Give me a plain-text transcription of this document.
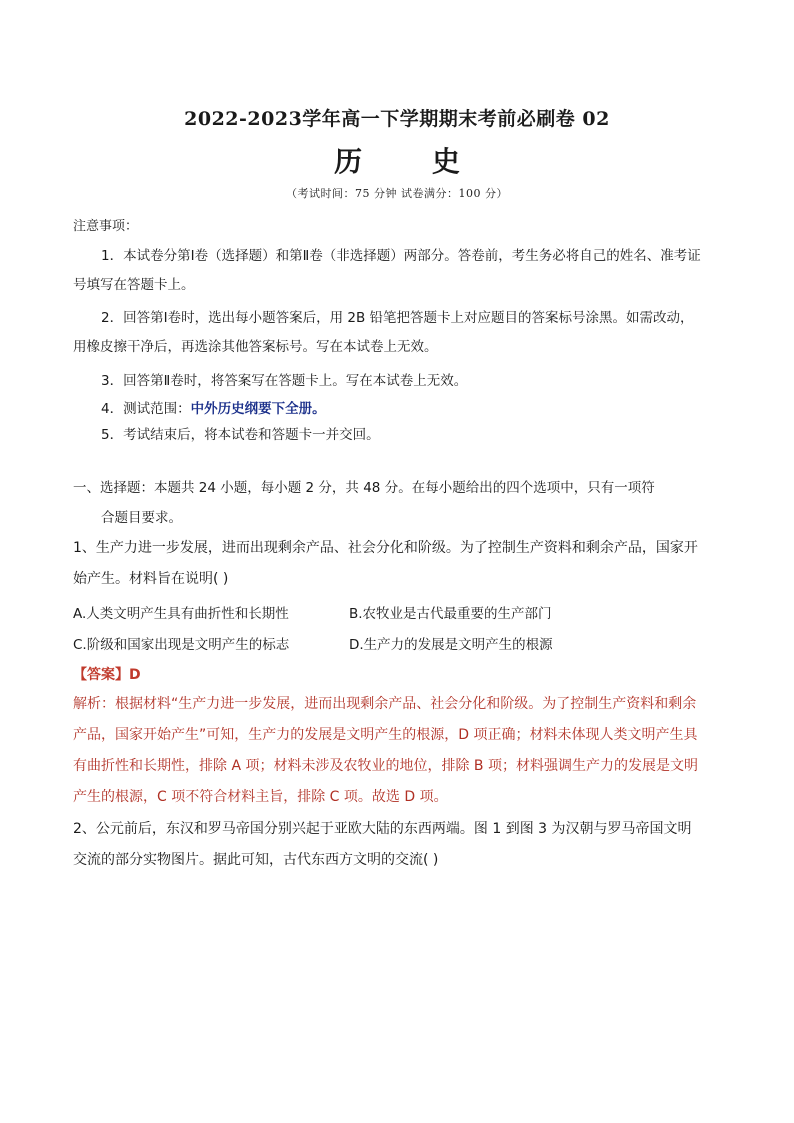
2022-2023学年高一下学期期末考前必刷卷 02
历 史
（考试时间：75 分钟 试卷满分：100 分）
注意事项：
1．本试卷分第Ⅰ卷（选择题）和第Ⅱ卷（非选择题）两部分。答卷前，考生务必将自己的姓名、准考证号填写在答题卡上。
2．回答第Ⅰ卷时，选出每小题答案后，用 2B 铅笔把答题卡上对应题目的答案标号涂黑。如需改动，用橡皮擦干净后，再选涂其他答案标号。写在本试卷上无效。
3．回答第Ⅱ卷时，将答案写在答题卡上。写在本试卷上无效。
4．测试范围：中外历史纲要下全册。
5．考试结束后，将本试卷和答题卡一并交回。
一、选择题：本题共 24 小题，每小题 2 分，共 48 分。在每小题给出的四个选项中，只有一项符
合题目要求。
1、生产力进一步发展，进而出现剩余产品、社会分化和阶级。为了控制生产资料和剩余产品，国家开始产生。材料旨在说明( )
A.人类文明产生具有曲折性和长期性	B.农牧业是古代最重要的生产部门
C.阶级和国家出现是文明产生的标志	D.生产力的发展是文明产生的根源
【答案】D
解析：根据材料“生产力进一步发展，进而出现剩余产品、社会分化和阶级。为了控制生产资料和剩余产品，国家开始产生”可知，生产力的发展是文明产生的根源，D 项正确；材料未体现人类文明产生具有曲折性和长期性，排除 A 项；材料未涉及农牧业的地位，排除 B 项；材料强调生产力的发展是文明产生的根源，C 项不符合材料主旨，排除 C 项。故选 D 项。
2、公元前后，东汉和罗马帝国分别兴起于亚欧大陆的东西两端。图 1 到图 3 为汉朝与罗马帝国文明交流的部分实物图片。据此可知，古代东西方文明的交流( )
